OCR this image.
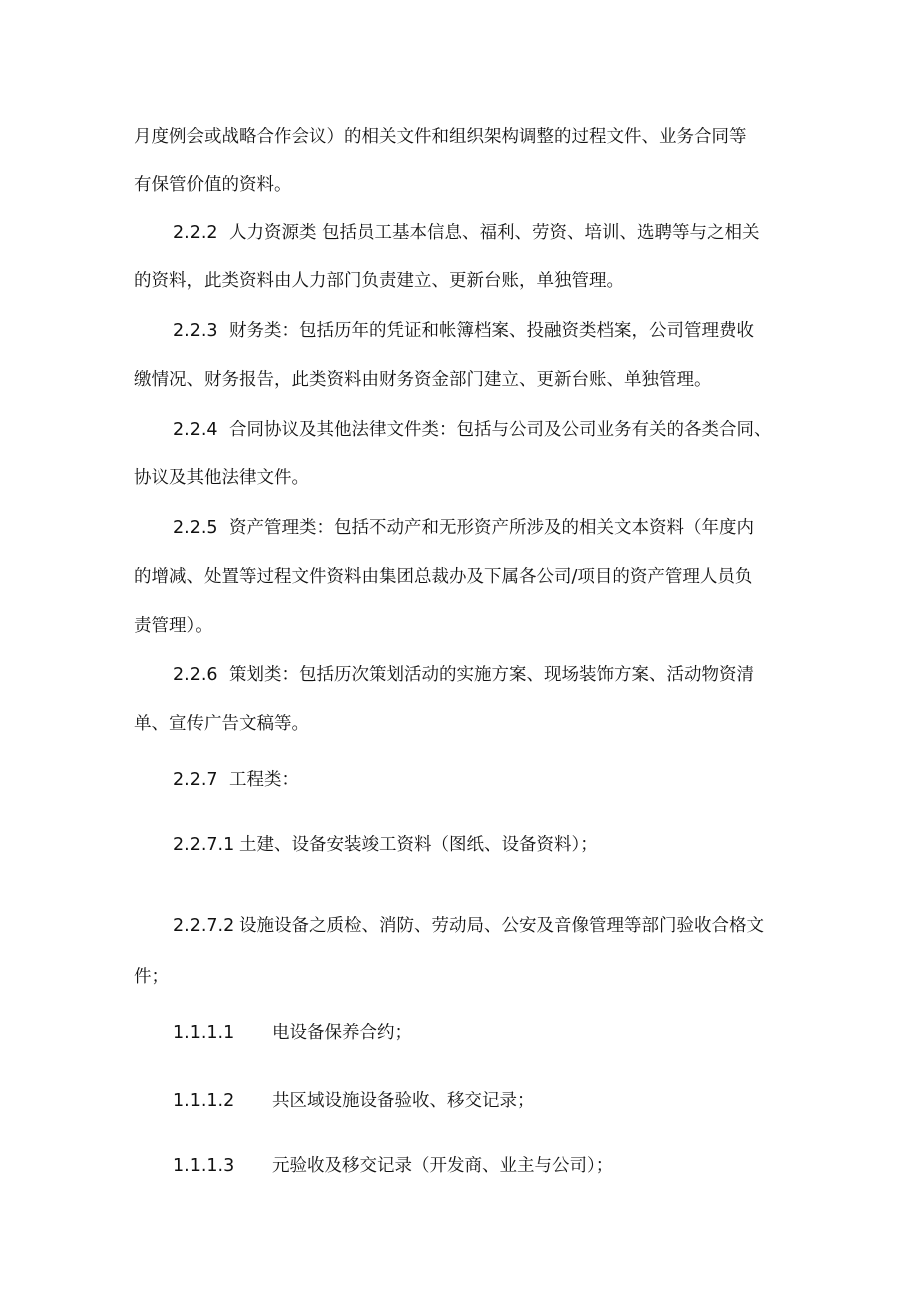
月度例会或战略合作会议）的相关文件和组织架构调整的过程文件、业务合同等
有保管价值的资料。
2.2.2 人力资源类 包括员工基本信息、福利、劳资、培训、选聘等与之相关
的资料，此类资料由人力部门负责建立、更新台账，单独管理。
2.2.3 财务类：包括历年的凭证和帐簿档案、投融资类档案，公司管理费收
缴情况、财务报告，此类资料由财务资金部门建立、更新台账、单独管理。
2.2.4 合同协议及其他法律文件类：包括与公司及公司业务有关的各类合同、
协议及其他法律文件。
2.2.5 资产管理类：包括不动产和无形资产所涉及的相关文本资料（年度内
的增减、处置等过程文件资料由集团总裁办及下属各公司/项目的资产管理人员负
责管理）。
2.2.6 策划类：包括历次策划活动的实施方案、现场装饰方案、活动物资清
单、宣传广告文稿等。
2.2.7 工程类：
2.2.7.1 土建、设备安装竣工资料（图纸、设备资料）；
2.2.7.2 设施设备之质检、消防、劳动局、公安及音像管理等部门验收合格文
件；
1.1.1.1 电设备保养合约；
1.1.1.2 共区域设施设备验收、移交记录；
1.1.1.3 元验收及移交记录（开发商、业主与公司）；
